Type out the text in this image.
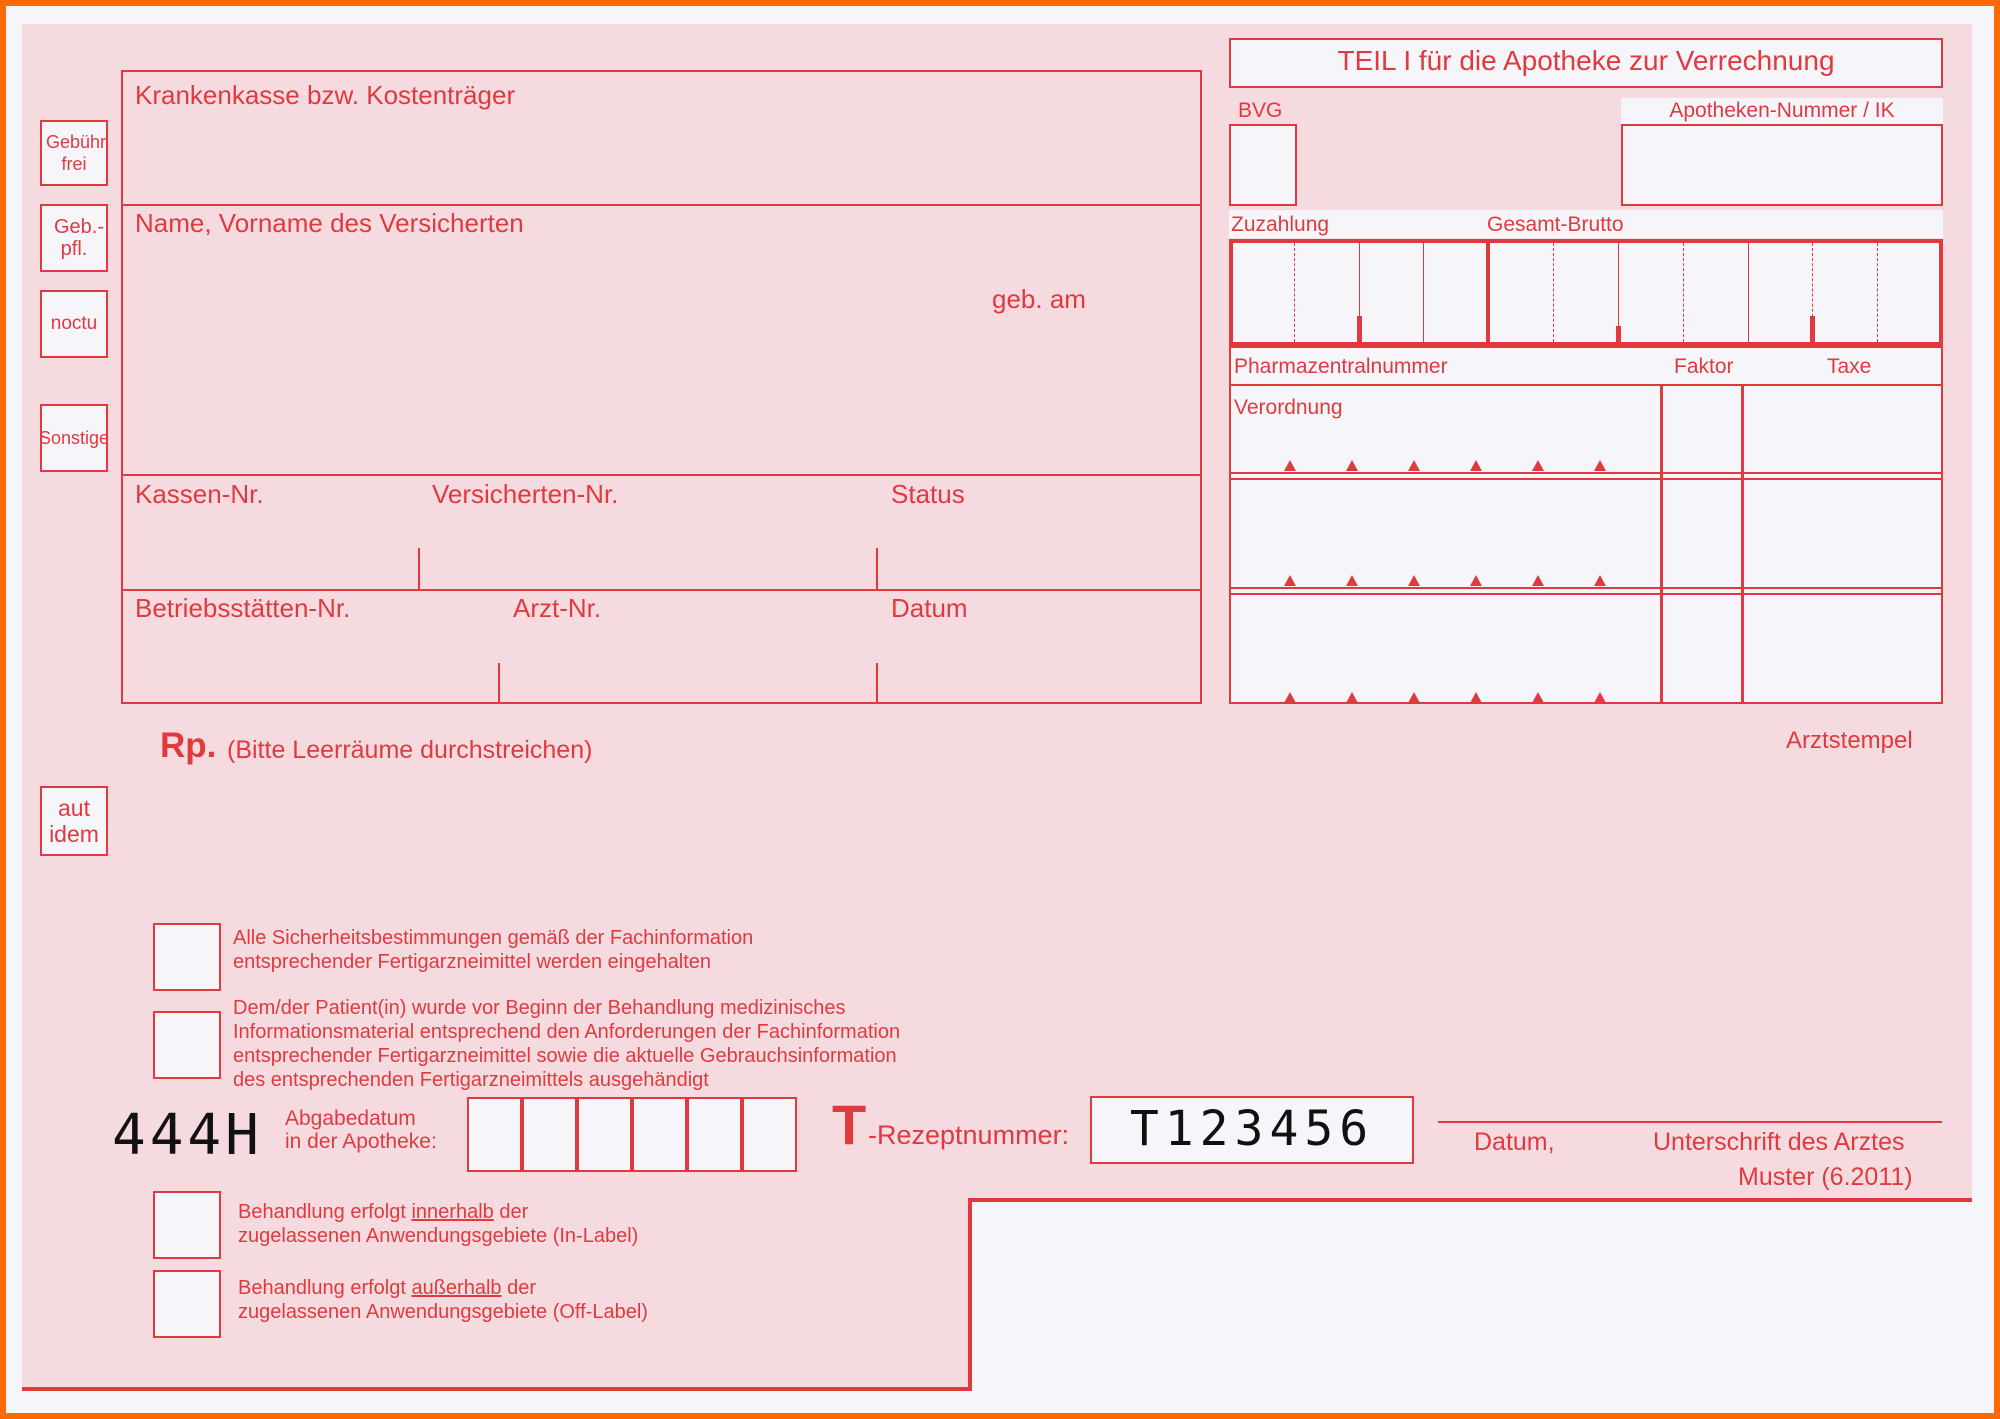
Gebühr frei
Geb.- pfl.
noctu
Sonstige
aut idem
Krankenkasse bzw. Kostenträger
Name, Vorname des Versicherten
geb. am
Kassen-Nr.	Versicherten-Nr.	Status
Betriebsstätten-Nr.	Arzt-Nr.	Datum
TEIL I für die Apotheke zur Verrechnung
BVG	Apotheken-Nummer / IK
Zuzahlung	Gesamt-Brutto
Pharmazentralnummer	Faktor	Taxe
Verordnung
Arztstempel
Rp. (Bitte Leerräume durchstreichen)
Alle Sicherheitsbestimmungen gemäß der Fachinformation
entsprechender Fertigarzneimittel werden eingehalten
Dem/der Patient(in) wurde vor Beginn der Behandlung medizinisches
Informationsmaterial entsprechend den Anforderungen der Fachinformation
entsprechender Fertigarzneimittel sowie die aktuelle Gebrauchsinformation
des entsprechenden Fertigarzneimittels ausgehändigt
Behandlung erfolgt innerhalb der
zugelassenen Anwendungsgebiete (In-Label)
Behandlung erfolgt außerhalb der
zugelassenen Anwendungsgebiete (Off-Label)
444H Abgabedatum
in der Apotheke:	T -Rezeptnummer:	T123456	Datum,	Unterschrift des Arztes
Muster (6.2011)
